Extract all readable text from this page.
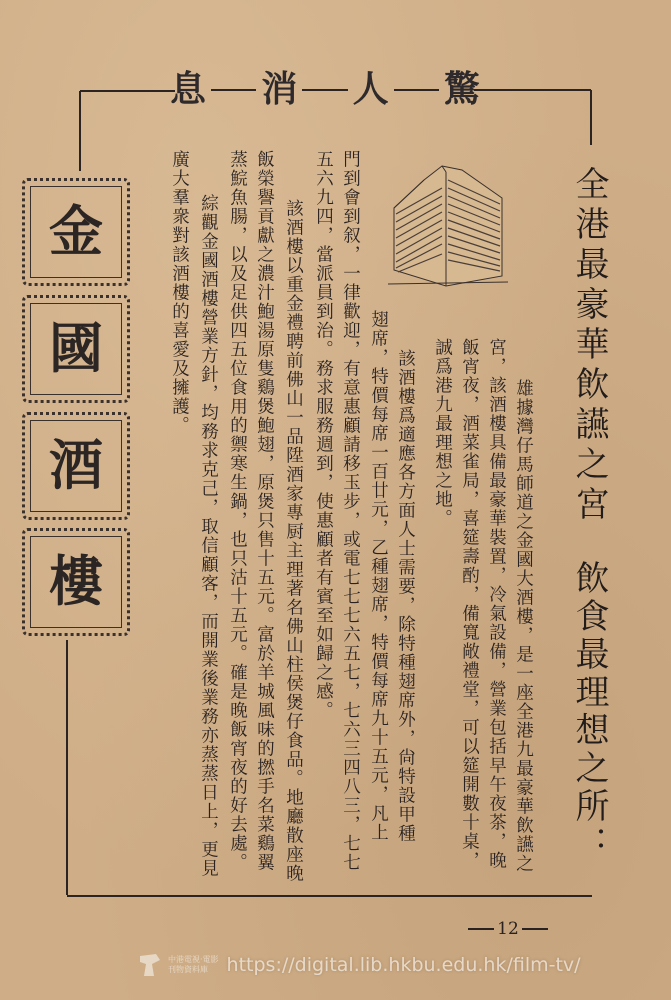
息 消 人 驚
全港最豪華飲讌之宮
飲食最理想之所：
　雄據灣仔馬師道之金國大酒樓，是一座全港九最豪華飲讌之
宮，該酒樓具備最豪華裝置，冷氣設備，營業包括早午夜茶，晚
飯宵夜，酒菜雀局，喜筵壽酌，備寬敞禮堂，可以筵開數十桌，
誠爲港九最理想之地。
　該酒樓爲適應各方面人士需要，除特種翅席外，尙特設甲種
翅席，特價每席一百廿元，乙種翅席，特價每席九十五元，凡上
門到會到叙，一律歡迎，有意惠顧請移玉步，或電七七七六五七，七六三四八三，七七
五六九四，當派員到治。務求服務週到，使惠顧者有賓至如歸之感。
　該酒樓以重金禮聘前佛山一品陞酒家專厨主理著名佛山柱侯煲仔食品。地廳散座晚
飯榮譽貢獻之濃汁鮑湯原隻鷄煲鮑翅，原煲只售十五元。富於羊城風味的撚手名菜鷄翼
蒸鯇魚腸，以及足供四五位食用的禦寒生鍋，也只沽十五元。確是晚飯宵夜的好去處。
　綜觀金國酒樓營業方針，均務求克己，取信顧客，而開業後業務亦蒸蒸日上，更見
廣大羣衆對該酒樓的喜愛及擁護。
金
國
酒
樓
12
中港電視·電影
刊物資料庫 https://digital.lib.hkbu.edu.hk/film-tv/
